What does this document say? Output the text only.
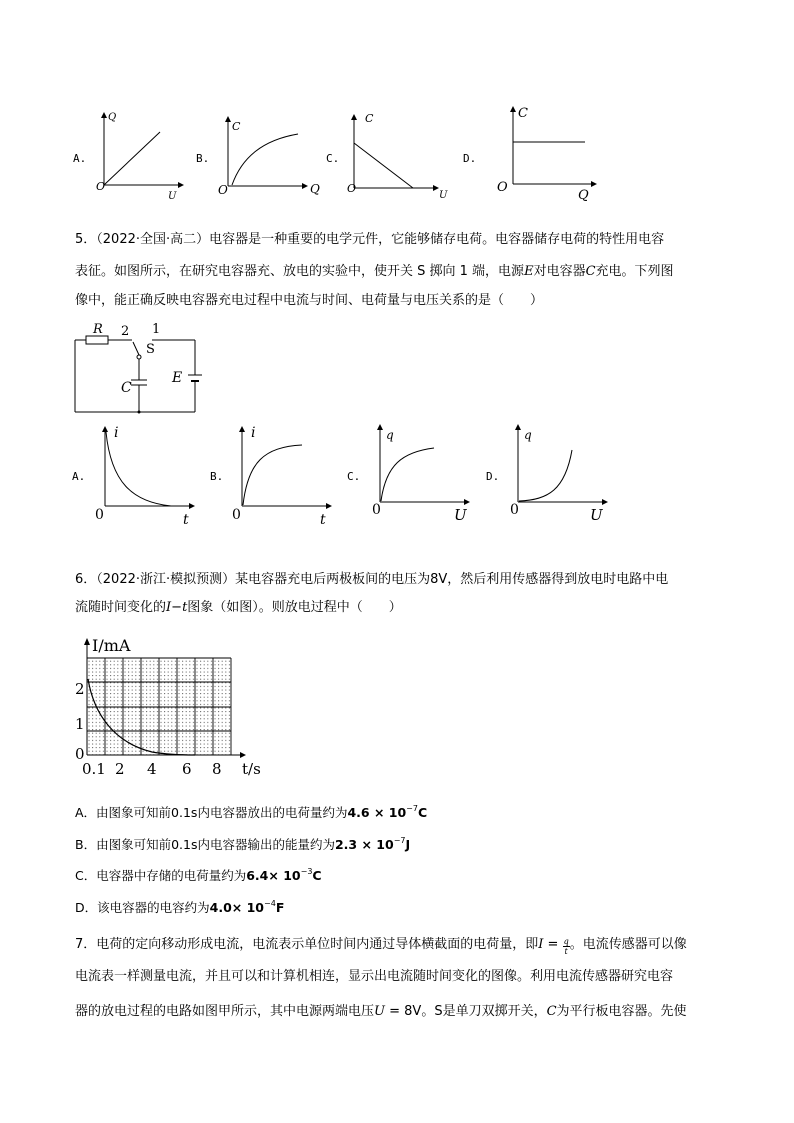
A.
O
Q
U
B.
O
C
Q
C.
O
C
U
D.
O
C
Q
5．（2022·全国·高二）电容器是一种重要的电学元件，它能够储存电荷。电容器储存电荷的特性用电容
表征。如图所示，在研究电容器充、放电的实验中，使开关 S 掷向 1 端，电源E对电容器C充电。下列图
像中，能正确反映电容器充电过程中电流与时间、电荷量与电压关系的是（　　）
R 2 1
S
C
E
A.
0
i
t
B.
0
i
t
C.
0
q
U
D.
0
q
U
6．（2022·浙江·模拟预测）某电容器充电后两极板间的电压为8V，然后利用传感器得到放电时电路中电
流随时间变化的I−t图象（如图）。则放电过程中（　　）
I/mA
2
1
0
0.1 2 4 6 8 t/s
A．由图象可知前0.1s内电容器放出的电荷量约为$4.6 \times 10^{-7}C$
B．由图象可知前0.1s内电容器输出的能量约为$2.3 \times 10^{-7}J$
C．电容器中存储的电荷量约为$6.4\times 10^{-3}C$
D．该电容器的电容约为$4.0\times 10^{-4}F$
7．电荷的定向移动形成电流，电流表示单位时间内通过导体横截面的电荷量，即$I = \frac{q}{t}$ 。电流传感器可以像
电流表一样测量电流，并且可以和计算机相连，显示出电流随时间变化的图像。利用电流传感器研究电容
器的放电过程的电路如图甲所示，其中电源两端电压U = 8V。S是单刀双掷开关，C为平行板电容器。先使
